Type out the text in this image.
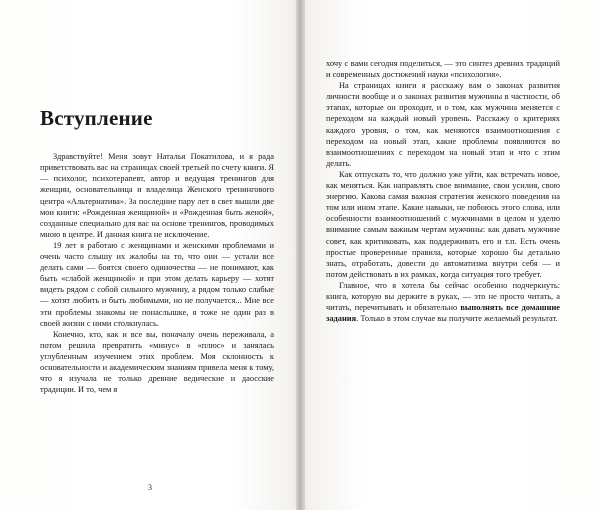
Вступление

Здравствуйте! Меня зовут Наталья Покатилова, и я рада приветствовать вас на страницах своей третьей по счету книги. Я — психолог, психотерапевт, автор и ведущая тренингов для женщин, основательница и владелица Женского тренингового центра «Альтернатива». За последние пару лет в свет вышли две мои книги: «Рожденная женщиной» и «Рожденная быть женой», созданные специально для вас на основе тренингов, проводимых мною в центре. И данная книга не исключение.

19 лет я работаю с женщинами и женскими проблемами и очень часто слышу их жалобы на то, что они — устали все делать сами — боятся своего одиночества — не понимают, как быть «слабой женщиной» и при этом делать карьеру — хотят видеть рядом с собой сильного мужчину, а рядом только слабые — хотят любить и быть любимыми, но не получается... Мне все эти проблемы знакомы не понаслышке, я тоже не один раз в своей жизни с ними столкнулась.

Конечно, кто, как и все вы, поначалу очень переживала, а потом решила превратить «минус» в «плюс» и занялась углубленным изучением этих проблем. Моя склонность к основательности и академическим знаниям привела меня к тому, что я изучала не только древние ведические и даосские традиции. И то, чем я

3

хочу с вами сегодня поделиться, — это синтез древних традиций и современных достижений науки «психология».

На страницах книги я расскажу вам о законах развития личности вообще и о законах развития мужчины в частности, об этапах, которые он проходит, и о том, как мужчина меняется с переходом на каждый новый уровень. Расскажу о критериях каждого уровня, о том, как меняются взаимоотношения с переходом на новый этап, какие проблемы появляются во взаимоотношениях с переходом на новый этап и что с этим делать.

Как отпускать то, что должно уже уйти, как встречать новое, как меняться. Как направлять свое внимание, свои усилия, свою энергию. Какова самая важная стратегия женского поведения на том или ином этапе. Какие навыки, не побоюсь этого слова, или особенности взаимоотношений с мужчинами в целом и уделю внимание самым важным чертам мужчины: как давать мужчине совет, как критиковать, как поддерживать его и т.п. Есть очень простые проверенные правила, которые хорошо бы детально знать, отработать, довести до автоматизма внутри себя — и потом действовать в их рамках, когда ситуация того требует.

Главное, что я хотела бы сейчас особенно подчеркнуть: книга, которую вы держите в руках, — это не просто читать, а читать, перечитывать и обязательно выполнять все домашние задания. Только в этом случае вы получите желаемый результат.
